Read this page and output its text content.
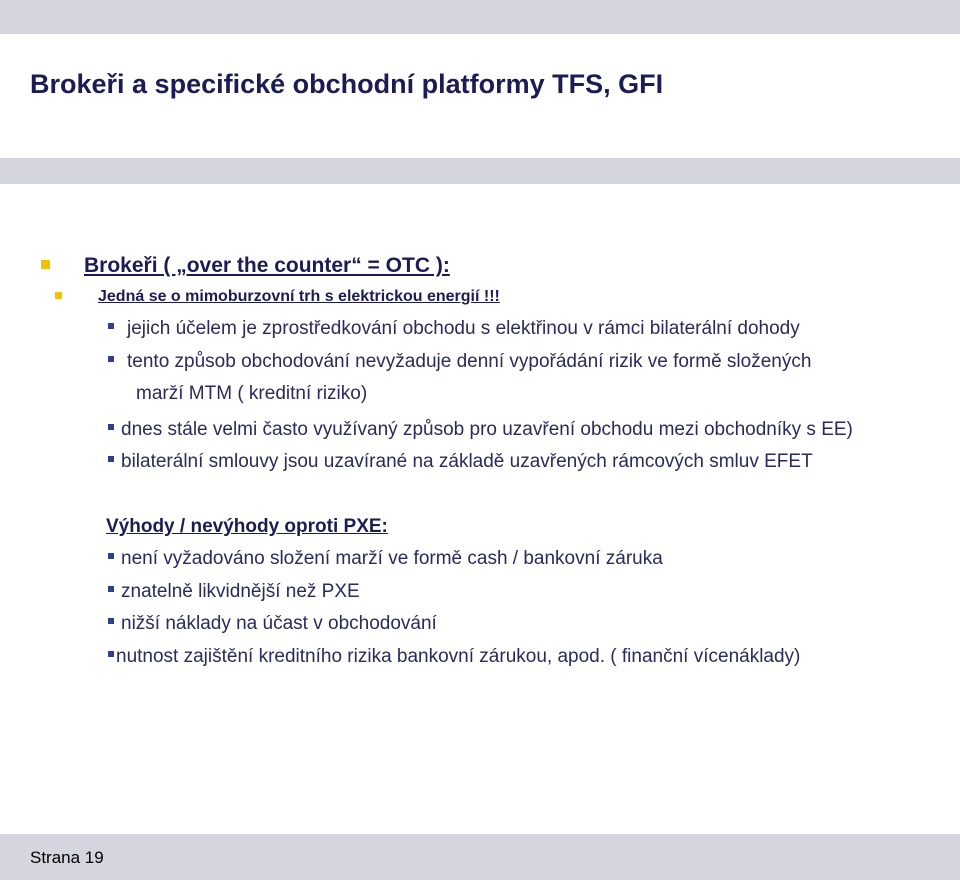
Brokeři a specifické obchodní platformy TFS, GFI
Brokeři ( „over the counter“ = OTC ):
Jedná se o mimoburzovní trh s elektrickou energií !!!
jejich účelem je zprostředkování obchodu s elektřinou v rámci bilaterální dohody
tento způsob obchodování nevyžaduje denní vypořádání rizik ve formě složených
marží MTM ( kreditní riziko)
dnes stále velmi často využívaný způsob pro uzavření obchodu mezi obchodníky s EE)
bilaterální smlouvy jsou uzavírané na základě uzavřených rámcových smluv EFET
Výhody / nevýhody oproti PXE:
není vyžadováno složení marží ve formě cash / bankovní záruka
znatelně likvidnější než PXE
nižší náklady na účast v obchodování
nutnost zajištění kreditního rizika bankovní zárukou, apod. ( finanční vícenáklady)
Strana 19
